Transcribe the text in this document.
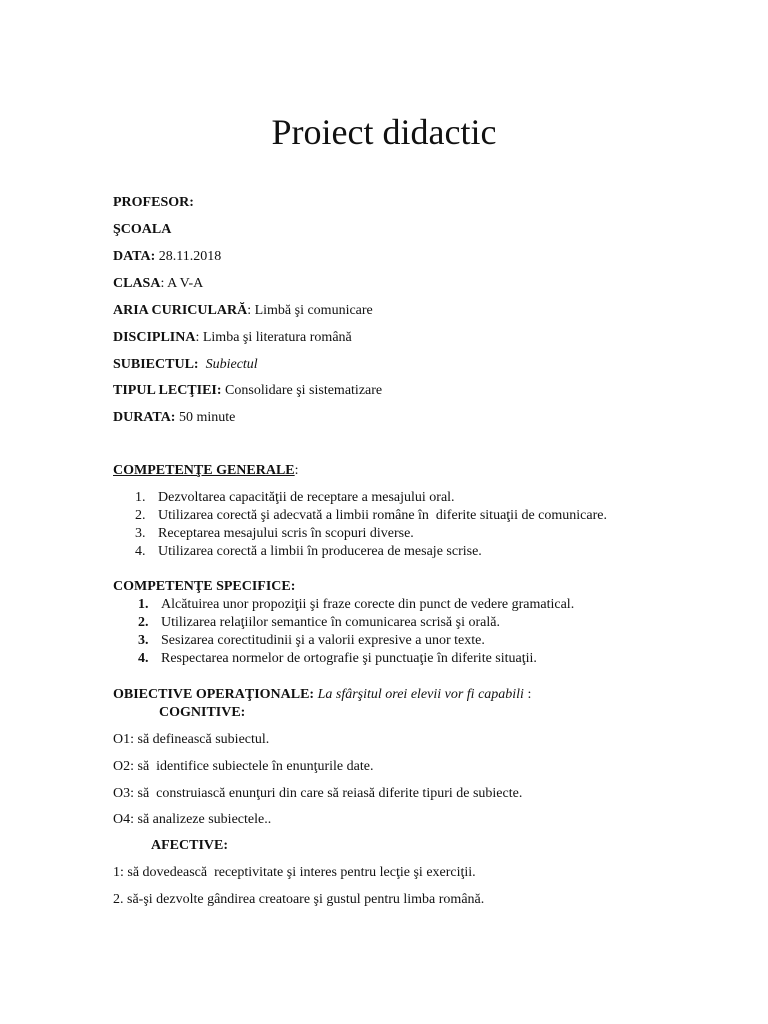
Proiect didactic
PROFESOR:
ŞCOALA
DATA: 28.11.2018
CLASA: A V-A
ARIA CURICULARĂ: Limbă şi comunicare
DISCIPLINA: Limba şi literatura română
SUBIECTUL:  Subiectul
TIPUL LECŢIEI: Consolidare şi sistematizare
DURATA: 50 minute
COMPETENŢE GENERALE:
1. Dezvoltarea capacităţii de receptare a mesajului oral.
2. Utilizarea corectă şi adecvată a limbii române în  diferite situaţii de comunicare.
3. Receptarea mesajului scris în scopuri diverse.
4. Utilizarea corectă a limbii în producerea de mesaje scrise.
COMPETENŢE SPECIFICE:
1. Alcătuirea unor propoziţii şi fraze corecte din punct de vedere gramatical.
2. Utilizarea relaţiilor semantice în comunicarea scrisă şi orală.
3. Sesizarea corectitudinii şi a valorii expresive a unor texte.
4. Respectarea normelor de ortografie şi punctuaţie în diferite situaţii.
OBIECTIVE OPERAŢIONALE: La sfârşitul orei elevii vor fi capabili :
COGNITIVE:
O1: să definească subiectul.
O2: să  identifice subiectele în enunţurile date.
O3: să  construiască enunţuri din care să reiasă diferite tipuri de subiecte.
O4: să analizeze subiectele..
AFECTIVE:
1: să dovedească  receptivitate şi interes pentru lecţie şi exerciţii.
2. să-şi dezvolte gândirea creatoare şi gustul pentru limba română.
